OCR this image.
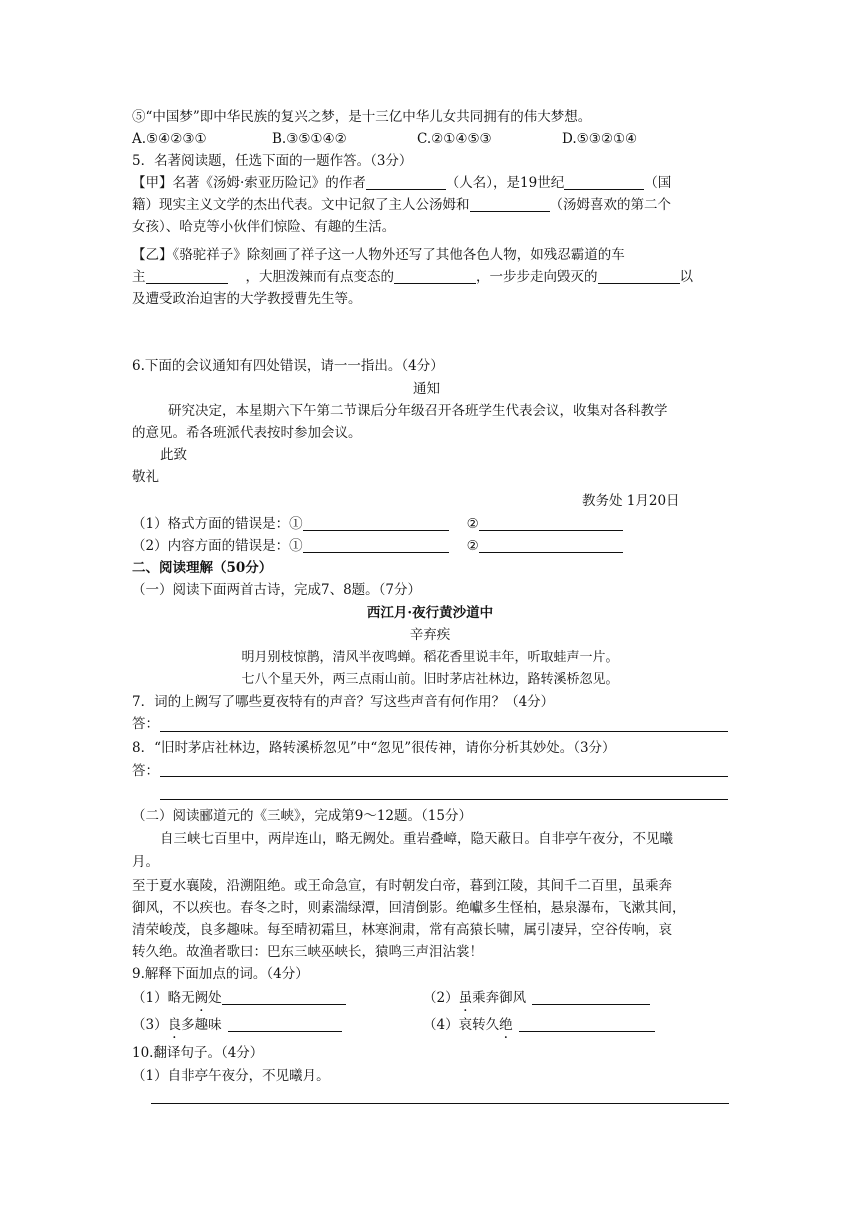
⑤“中国梦”即中华民族的复兴之梦，是十三亿中华儿女共同拥有的伟大梦想。
A.⑤④②③①	B.③⑤①④②	C.②①④⑤③	D.⑤③②①④
5．名著阅读题，任选下面的一题作答。（3分）
【甲】名著《汤姆·索亚历险记》的作者	（人名），是19世纪	（国
籍）现实主义文学的杰出代表。文中记叙了主人公汤姆和	（汤姆喜欢的第二个
女孩）、哈克等小伙伴们惊险、有趣的生活。
【乙】《骆驼祥子》除刻画了祥子这一人物外还写了其他各色人物，如残忍霸道的车
主	，大胆泼辣而有点变态的	，一步步走向毁灭的	以
及遭受政治迫害的大学教授曹先生等。
6.下面的会议通知有四处错误，请一一指出。（4分）
通知
研究决定，本星期六下午第二节课后分年级召开各班学生代表会议，收集对各科教学
的意见。希各班派代表按时参加会议。
此致
敬礼
教务处 1月20日
（1）格式方面的错误是：①	②
（2）内容方面的错误是：①	②
二、阅读理解（50分）
（一）阅读下面两首古诗，完成7、8题。（7分）
西江月·夜行黄沙道中
辛弃疾
明月别枝惊鹊，清风半夜鸣蝉。稻花香里说丰年，听取蛙声一片。
七八个星天外，两三点雨山前。旧时茅店社林边，路转溪桥忽见。
7．词的上阙写了哪些夏夜特有的声音？写这些声音有何作用？（4分）
答：
8．“旧时茅店社林边，路转溪桥忽见”中“忽见”很传神，请你分析其妙处。（3分）
答：
（二）阅读郦道元的《三峡》，完成第9～12题。（15分）
自三峡七百里中，两岸连山，略无阙处。重岩叠嶂，隐天蔽日。自非亭午夜分，不见曦
月。
至于夏水襄陵，沿溯阻绝。或王命急宣，有时朝发白帝，暮到江陵，其间千二百里，虽乘奔
御风，不以疾也。春冬之时，则素湍绿潭，回清倒影。绝巘多生怪柏，悬泉瀑布，飞漱其间，
清荣峻茂，良多趣味。每至晴初霜旦，林寒涧肃，常有高猿长啸，属引凄异，空谷传响，哀
转久绝。故渔者歌曰：巴东三峡巫峡长，猿鸣三声泪沾裳！
9.解释下面加点的词。（4分）
（1）略无阙处	（2）虽乘奔御风
（3）良多趣味	（4）哀转久绝
10.翻译句子。（4分）
（1）自非亭午夜分，不见曦月。
